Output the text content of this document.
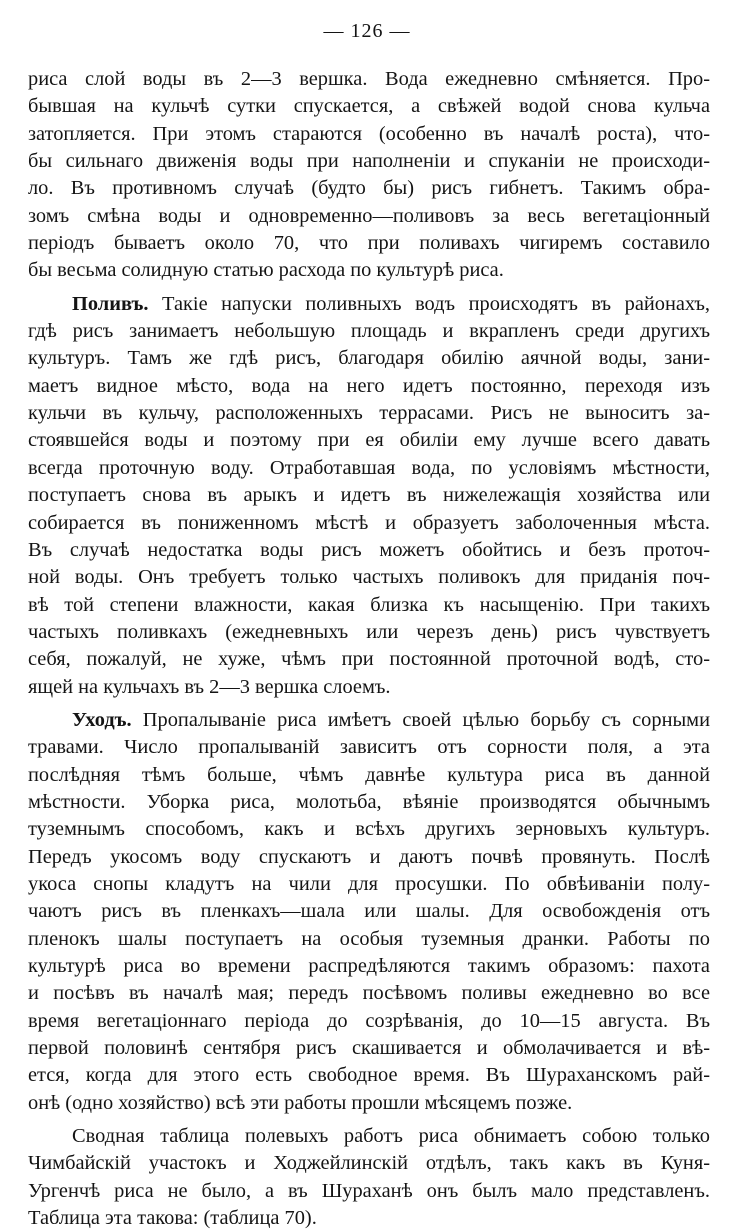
— 126 —
риса слой воды въ 2—3 вершка. Вода ежедневно смѣняется. Про-
бывшая на кульчѣ сутки спускается, а свѣжей водой снова кульча
затопляется. При этомъ стараются (особенно въ началѣ роста), что-
бы сильнаго движенія воды при наполненіи и спуканіи не происходи-
ло. Въ противномъ случаѣ (будто бы) рисъ гибнетъ. Такимъ обра-
зомъ смѣна воды и одновременно—поливовъ за весь вегетаціонный
періодъ бываетъ около 70, что при поливахъ чигиремъ составило
бы весьма солидную статью расхода по культурѣ риса.
Поливъ. Такіе напуски поливныхъ водъ происходятъ въ районахъ,
гдѣ рисъ занимаетъ небольшую площадь и вкрапленъ среди другихъ
культуръ. Тамъ же гдѣ рисъ, благодаря обилію аячной воды, зани-
маетъ видное мѣсто, вода на него идетъ постоянно, переходя изъ
кульчи въ кульчу, расположенныхъ террасами. Рисъ не выноситъ за-
стоявшейся воды и поэтому при ея обиліи ему лучше всего давать
всегда проточную воду. Отработавшая вода, по условіямъ мѣстности,
поступаетъ снова въ арыкъ и идетъ въ нижележащія хозяйства или
собирается въ пониженномъ мѣстѣ и образуетъ заболоченныя мѣста.
Въ случаѣ недостатка воды рисъ можетъ обойтись и безъ проточ-
ной воды. Онъ требуетъ только частыхъ поливокъ для приданія поч-
вѣ той степени влажности, какая близка къ насыщенію. При такихъ
частыхъ поливкахъ (ежедневныхъ или черезъ день) рисъ чувствуетъ
себя, пожалуй, не хуже, чѣмъ при постоянной проточной водѣ, сто-
ящей на кульчахъ въ 2—3 вершка слоемъ.
Уходъ. Пропалываніе риса имѣетъ своей цѣлью борьбу съ сорными
травами. Число пропалываній зависитъ отъ сорности поля, а эта
послѣдняя тѣмъ больше, чѣмъ давнѣе культура риса въ данной
мѣстности. Уборка риса, молотьба, вѣяніе производятся обычнымъ
туземнымъ способомъ, какъ и всѣхъ другихъ зерновыхъ культуръ.
Передъ укосомъ воду спускаютъ и даютъ почвѣ провянуть. Послѣ
укоса снопы кладутъ на чили для просушки. По обвѣиваніи полу-
чаютъ рисъ въ пленкахъ—шала или шалы. Для освобожденія отъ
пленокъ шалы поступаетъ на особыя туземныя дранки. Работы по
культурѣ риса во времени распредѣляются такимъ образомъ: пахота
и посѣвъ въ началѣ мая; передъ посѣвомъ поливы ежедневно во все
время вегетаціоннаго періода до созрѣванія, до 10—15 августа. Въ
первой половинѣ сентября рисъ скашивается и обмолачивается и вѣ-
ется, когда для этого есть свободное время. Въ Шураханскомъ рай-
онѣ (одно хозяйство) всѣ эти работы прошли мѣсяцемъ позже.
Сводная таблица полевыхъ работъ риса обнимаетъ собою только
Чимбайскій участокъ и Ходжейлинскій отдѣлъ, такъ какъ въ Куня-
Ургенчѣ риса не было, а въ Шураханѣ онъ былъ мало представленъ.
Таблица эта такова: (таблица 70).
